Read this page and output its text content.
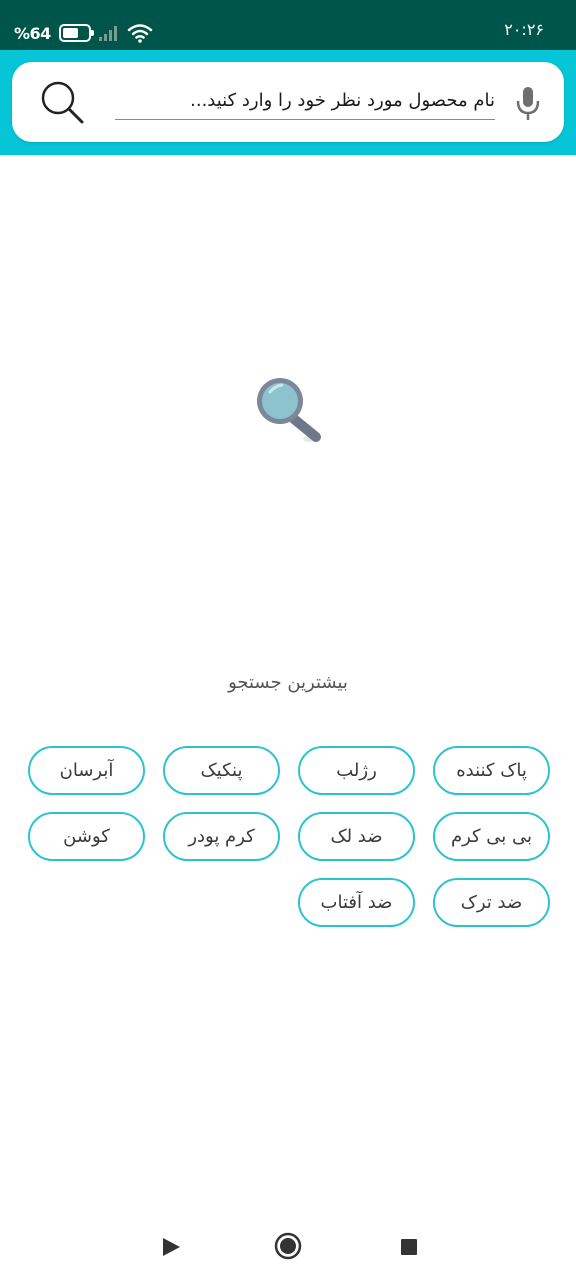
%64	۲۰:۲۶
نام محصول مورد نظر خود را وارد کنید...
بیشترین جستجو
پاک کننده
رژلب
پنکیک
آبرسان
بی بی کرم
ضد لک
کرم پودر
کوشن
ضد ترک
ضد آفتاب
